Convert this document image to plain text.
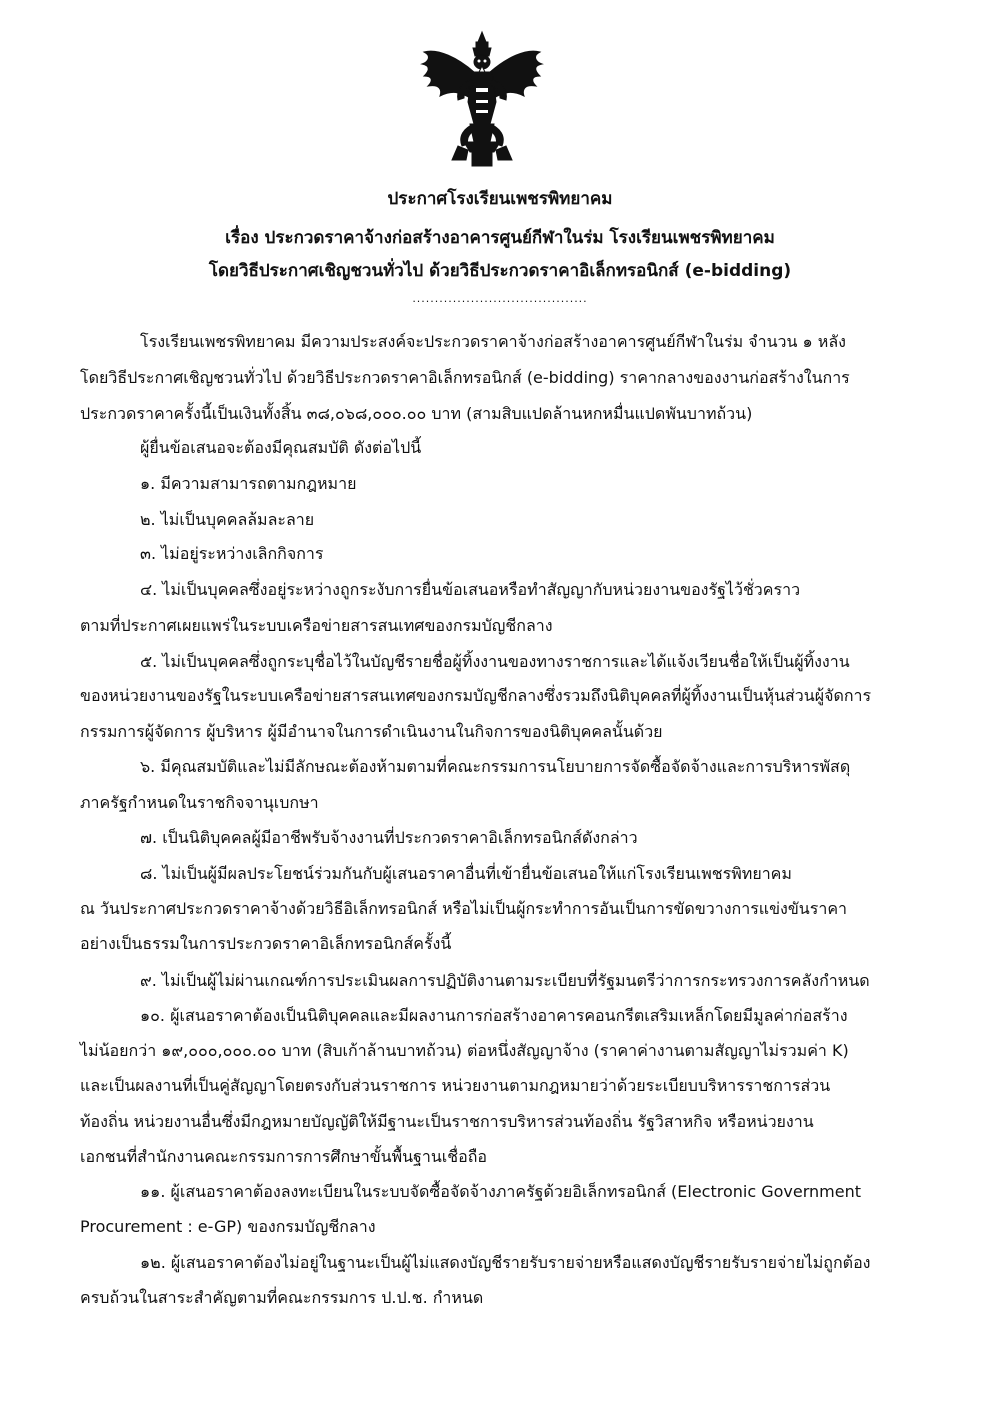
ประกาศโรงเรียนเพชรพิทยาคม
เรื่อง ประกวดราคาจ้างก่อสร้างอาคารศูนย์กีฬาในร่ม โรงเรียนเพชรพิทยาคม
โดยวิธีประกาศเชิญชวนทั่วไป ด้วยวิธีประกวดราคาอิเล็กทรอนิกส์ (e-bidding)
.......................................
โรงเรียนเพชรพิทยาคม มีความประสงค์จะประกวดราคาจ้างก่อสร้างอาคารศูนย์กีฬาในร่ม จำนวน ๑ หลัง
โดยวิธีประกาศเชิญชวนทั่วไป ด้วยวิธีประกวดราคาอิเล็กทรอนิกส์ (e-bidding) ราคากลางของงานก่อสร้างในการ
ประกวดราคาครั้งนี้เป็นเงินทั้งสิ้น ๓๘,๐๖๘,๐๐๐.๐๐ บาท (สามสิบแปดล้านหกหมื่นแปดพันบาทถ้วน)
ผู้ยื่นข้อเสนอจะต้องมีคุณสมบัติ ดังต่อไปนี้
๑. มีความสามารถตามกฎหมาย
๒. ไม่เป็นบุคคลล้มละลาย
๓. ไม่อยู่ระหว่างเลิกกิจการ
๔. ไม่เป็นบุคคลซึ่งอยู่ระหว่างถูกระงับการยื่นข้อเสนอหรือทำสัญญากับหน่วยงานของรัฐไว้ชั่วคราว
ตามที่ประกาศเผยแพร่ในระบบเครือข่ายสารสนเทศของกรมบัญชีกลาง
๕. ไม่เป็นบุคคลซึ่งถูกระบุชื่อไว้ในบัญชีรายชื่อผู้ทิ้งงานของทางราชการและได้แจ้งเวียนชื่อให้เป็นผู้ทิ้งงาน
ของหน่วยงานของรัฐในระบบเครือข่ายสารสนเทศของกรมบัญชีกลางซึ่งรวมถึงนิติบุคคลที่ผู้ทิ้งงานเป็นหุ้นส่วนผู้จัดการ
กรรมการผู้จัดการ ผู้บริหาร ผู้มีอำนาจในการดำเนินงานในกิจการของนิติบุคคลนั้นด้วย
๖. มีคุณสมบัติและไม่มีลักษณะต้องห้ามตามที่คณะกรรมการนโยบายการจัดซื้อจัดจ้างและการบริหารพัสดุ
ภาครัฐกำหนดในราชกิจจานุเบกษา
๗. เป็นนิติบุคคลผู้มีอาชีพรับจ้างงานที่ประกวดราคาอิเล็กทรอนิกส์ดังกล่าว
๘. ไม่เป็นผู้มีผลประโยชน์ร่วมกันกับผู้เสนอราคาอื่นที่เข้ายื่นข้อเสนอให้แก่โรงเรียนเพชรพิทยาคม
ณ วันประกาศประกวดราคาจ้างด้วยวิธีอิเล็กทรอนิกส์ หรือไม่เป็นผู้กระทำการอันเป็นการขัดขวางการแข่งขันราคา
อย่างเป็นธรรมในการประกวดราคาอิเล็กทรอนิกส์ครั้งนี้
๙. ไม่เป็นผู้ไม่ผ่านเกณฑ์การประเมินผลการปฏิบัติงานตามระเบียบที่รัฐมนตรีว่าการกระทรวงการคลังกำหนด
๑๐. ผู้เสนอราคาต้องเป็นนิติบุคคลและมีผลงานการก่อสร้างอาคารคอนกรีตเสริมเหล็กโดยมีมูลค่าก่อสร้าง
ไม่น้อยกว่า ๑๙,๐๐๐,๐๐๐.๐๐ บาท (สิบเก้าล้านบาทถ้วน) ต่อหนึ่งสัญญาจ้าง (ราคาค่างานตามสัญญาไม่รวมค่า K)
และเป็นผลงานที่เป็นคู่สัญญาโดยตรงกับส่วนราชการ หน่วยงานตามกฎหมายว่าด้วยระเบียบบริหารราชการส่วน
ท้องถิ่น หน่วยงานอื่นซึ่งมีกฎหมายบัญญัติให้มีฐานะเป็นราชการบริหารส่วนท้องถิ่น รัฐวิสาหกิจ หรือหน่วยงาน
เอกชนที่สำนักงานคณะกรรมการการศึกษาขั้นพื้นฐานเชื่อถือ
๑๑. ผู้เสนอราคาต้องลงทะเบียนในระบบจัดซื้อจัดจ้างภาครัฐด้วยอิเล็กทรอนิกส์ (Electronic Government
Procurement : e-GP) ของกรมบัญชีกลาง
๑๒. ผู้เสนอราคาต้องไม่อยู่ในฐานะเป็นผู้ไม่แสดงบัญชีรายรับรายจ่ายหรือแสดงบัญชีรายรับรายจ่ายไม่ถูกต้อง
ครบถ้วนในสาระสำคัญตามที่คณะกรรมการ ป.ป.ช. กำหนด
